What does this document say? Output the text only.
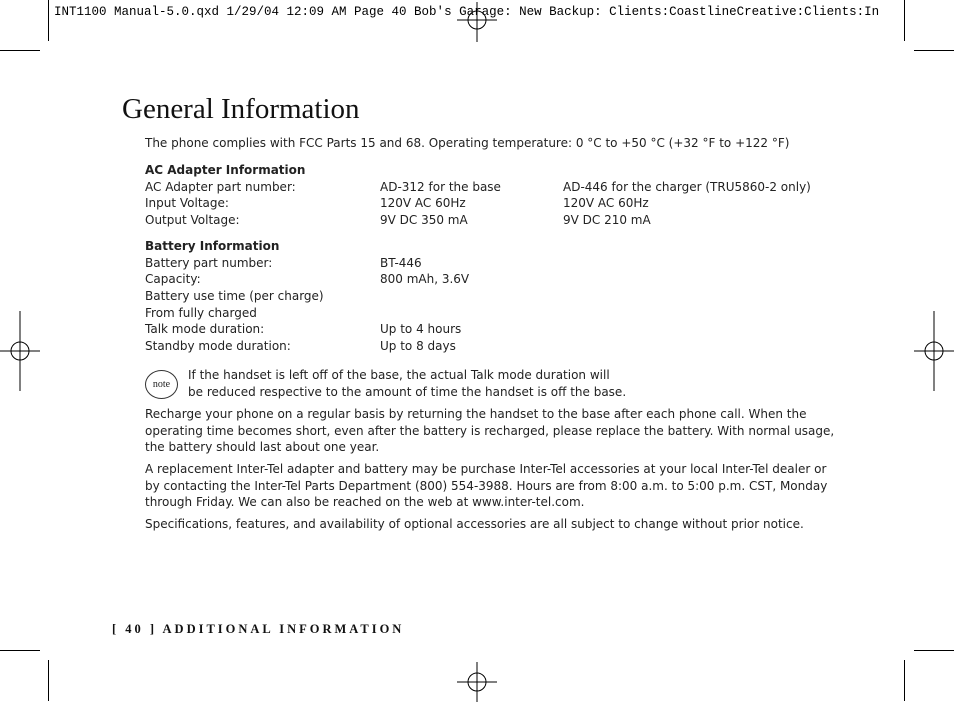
INT1100 Manual-5.0.qxd 1/29/04 12:09 AM Page 40 Bob's Garage: New Backup: Clients:CoastlineCreative:Clients:In
General Information
The phone complies with FCC Parts 15 and 68. Operating temperature: 0 °C to +50 °C (+32 °F to +122 °F)
AC Adapter Information
AC Adapter part number:	AD-312 for the base	AD-446 for the charger (TRU5860-2 only)
Input Voltage:	120V AC 60Hz	120V AC 60Hz
Output Voltage:	9V DC 350 mA	9V DC 210 mA
Battery Information
Battery part number:	BT-446
Capacity:	800 mAh, 3.6V
Battery use time (per charge)
From fully charged
Talk mode duration:	Up to 4 hours
Standby mode duration:	Up to 8 days
note
If the handset is left off of the base, the actual Talk mode duration will
be reduced respective to the amount of time the handset is off the base.

Recharge your phone on a regular basis by returning the handset to the base after each phone call. When the operating time becomes short, even after the battery is recharged, please replace the battery. With normal usage, the battery should last about one year.

A replacement Inter-Tel adapter and battery may be purchase Inter-Tel accessories at your local Inter-Tel dealer or by contacting the Inter-Tel Parts Department (800) 554-3988. Hours are from 8:00 a.m. to 5:00 p.m. CST, Monday through Friday. We can also be reached on the web at www.inter-tel.com.

Specifications, features, and availability of optional accessories are all subject to change without prior notice.

[ 40 ] ADDITIONAL INFORMATION
